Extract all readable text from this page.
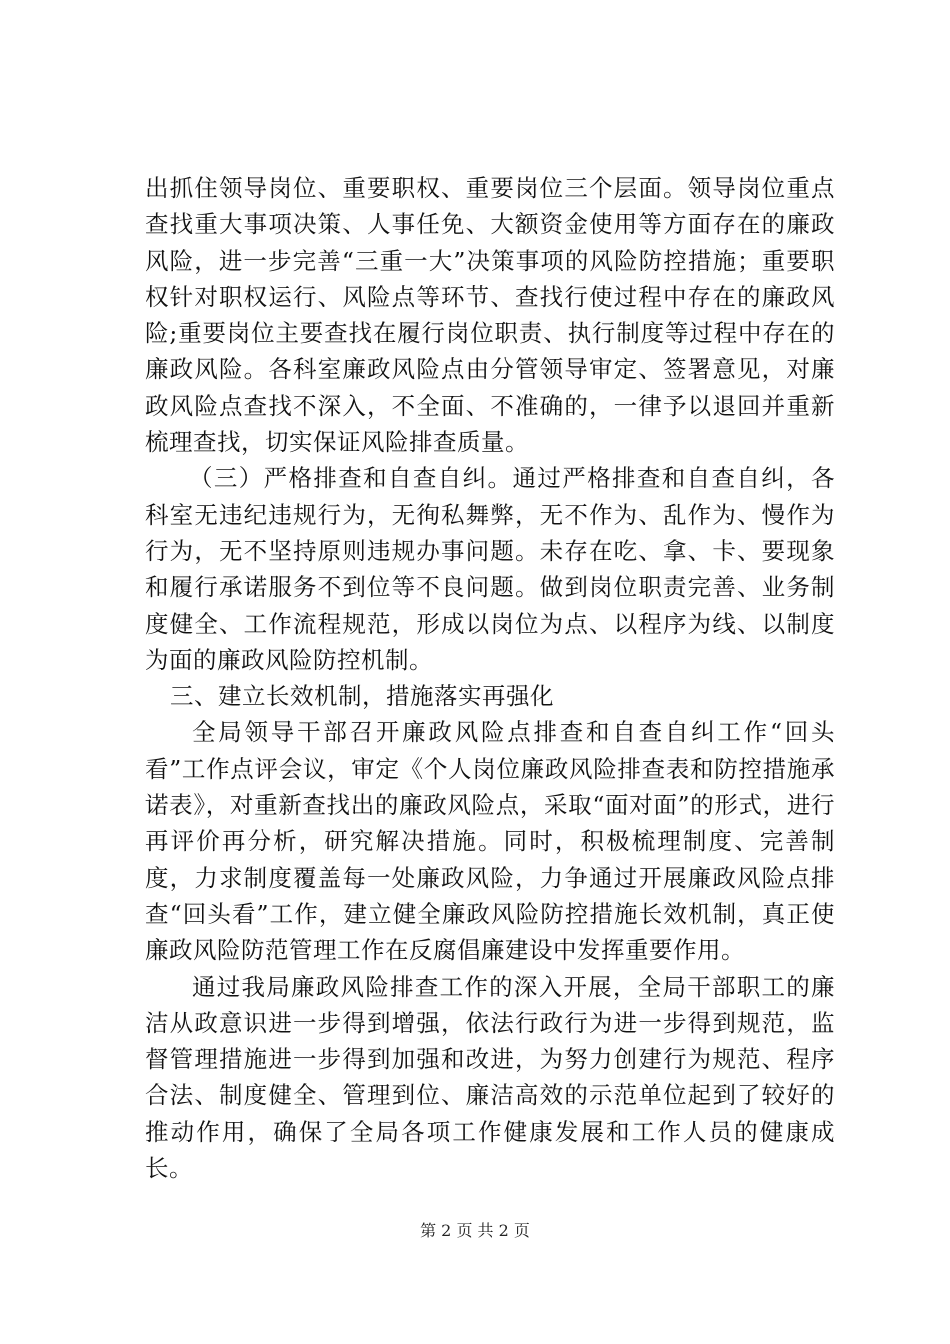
出抓住领导岗位、重要职权、重要岗位三个层面。领导岗位重点查找重大事项决策、人事任免、大额资金使用等方面存在的廉政风险，进一步完善“三重一大”决策事项的风险防控措施；重要职权针对职权运行、风险点等环节、查找行使过程中存在的廉政风险;重要岗位主要查找在履行岗位职责、执行制度等过程中存在的廉政风险。各科室廉政风险点由分管领导审定、签署意见，对廉政风险点查找不深入，不全面、不准确的，一律予以退回并重新梳理查找，切实保证风险排查质量。

（三）严格排查和自查自纠。通过严格排查和自查自纠，各科室无违纪违规行为，无徇私舞弊，无不作为、乱作为、慢作为行为，无不坚持原则违规办事问题。未存在吃、拿、卡、要现象和履行承诺服务不到位等不良问题。做到岗位职责完善、业务制度健全、工作流程规范，形成以岗位为点、以程序为线、以制度为面的廉政风险防控机制。

三、建立长效机制，措施落实再强化

全局领导干部召开廉政风险点排查和自查自纠工作“回头看”工作点评会议，审定《个人岗位廉政风险排查表和防控措施承诺表》，对重新查找出的廉政风险点，采取“面对面”的形式，进行再评价再分析，研究解决措施。同时，积极梳理制度、完善制度，力求制度覆盖每一处廉政风险，力争通过开展廉政风险点排查“回头看”工作，建立健全廉政风险防控措施长效机制，真正使廉政风险防范管理工作在反腐倡廉建设中发挥重要作用。

通过我局廉政风险排查工作的深入开展，全局干部职工的廉洁从政意识进一步得到增强，依法行政行为进一步得到规范，监督管理措施进一步得到加强和改进，为努力创建行为规范、程序合法、制度健全、管理到位、廉洁高效的示范单位起到了较好的推动作用，确保了全局各项工作健康发展和工作人员的健康成长。

第 2 页 共 2 页
